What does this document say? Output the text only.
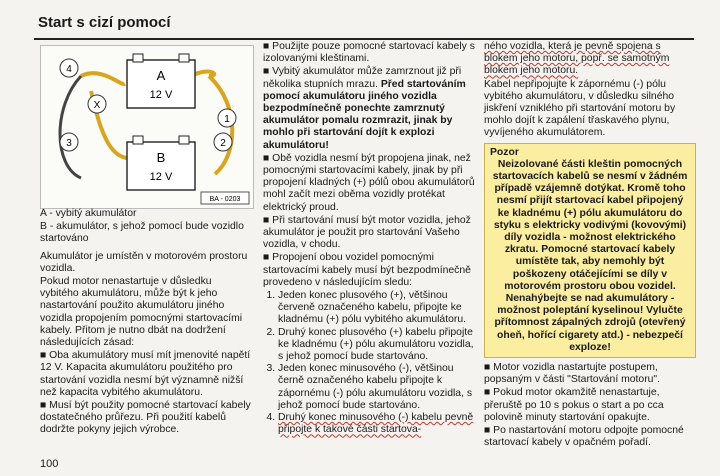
Start s cizí pomocí
A
12 V
B
12 V
4
X
3
1
2
BA - 0203

A - vybitý akumulátor

B - akumulátor, s jehož pomocí bude vozidlo startováno

Akumulátor je umístěn v motorovém prostoru vozidla.

Pokud motor nenastartuje v důsledku vybitého akumulátoru, může být k jeho nastartování použito akumulátoru jiného vozidla propojením pomocnými startovacími kabely. Přitom je nutno dbát na dodržení následujících zásad:

■ Oba akumulátory musí mít jmenovité napětí 12 V. Kapacita akumulátoru použitého pro startování vozidla nesmí být významně nižší než kapacita vybitého akumulátoru.

■ Musí být použity pomocné startovací kabely dostatečného průřezu. Při použití kabelů dodržte pokyny jejich výrobce.

■ Použijte pouze pomocné startovací kabely s izolovanými kleštinami.

■ Vybitý akumulátor může zamrznout již při několika stupních mrazu. Před startováním pomocí akumulátoru jiného vozidla bezpodmínečně ponechte zamrznutý akumulátor pomalu rozmrazit, jinak by mohlo při startování dojít k explozi akumulátoru!

■ Obě vozidla nesmí být propojena jinak, než pomocnými startovacími kabely, jinak by při propojení kladných (+) pólů obou akumulátorů mohl začít mezi oběma vozidly protékat elektrický proud.

■ Při startování musí být motor vozidla, jehož akumulátor je použit pro startování Vašeho vozidla, v chodu.

■ Propojení obou vozidel pomocnými startovacími kabely musí být bezpodmínečně provedeno v následujícím sledu:

1. Jeden konec plusového (+), většinou červeně označeného kabelu, připojte ke kladnému (+) pólu vybitého akumulátoru.
2. Druhý konec plusového (+) kabelu připojte ke kladnému (+) pólu akumulátoru vozidla, s jehož pomocí bude startováno.
3. Jeden konec minusového (-), většinou černě označeného kabelu připojte k zápornému (-) pólu akumulátoru vozidla, s jehož pomocí bude startováno.
4. Druhý konec minusového (-) kabelu pevně připojte k takové části startova-

ného vozidla, která je pevně spojena s blokem jeho motoru, popř. se samotným blokem jeho motoru.

Kabel nepřipojujte k zápornému (-) pólu vybitého akumulátoru, v důsledku silného jiskření vzniklého při startování motoru by mohlo dojít k zapálení třaskavého plynu, vyvíjeného akumulátorem.

Pozor
Neizolované části kleštin pomocných startovacích kabelů se nesmí v žádném případě vzájemně dotýkat. Kromě toho nesmí přijít startovací kabel připojený ke kladnému (+) pólu akumulátoru do styku s elektricky vodivými (kovovými) díly vozidla - možnost elektrického zkratu. Pomocné startovací kabely umístěte tak, aby nemohly být poškozeny otáčejícími se díly v motorovém prostoru obou vozidel. Nenahýbejte se nad akumulátory - možnost poleptání kyselinou! Vylučte přítomnost zápalných zdrojů (otevřený oheň, hořící cigarety atd.) - nebezpečí exploze!

■ Motor vozidla nastartujte postupem, popsaným v části "Startování motoru".

■ Pokud motor okamžitě nenastartuje, přeruště po 10 s pokus o start a po cca polovině minuty startování opakujte.

■ Po nastartování motoru odpojte pomocné startovací kabely v opačném pořadí.

100
